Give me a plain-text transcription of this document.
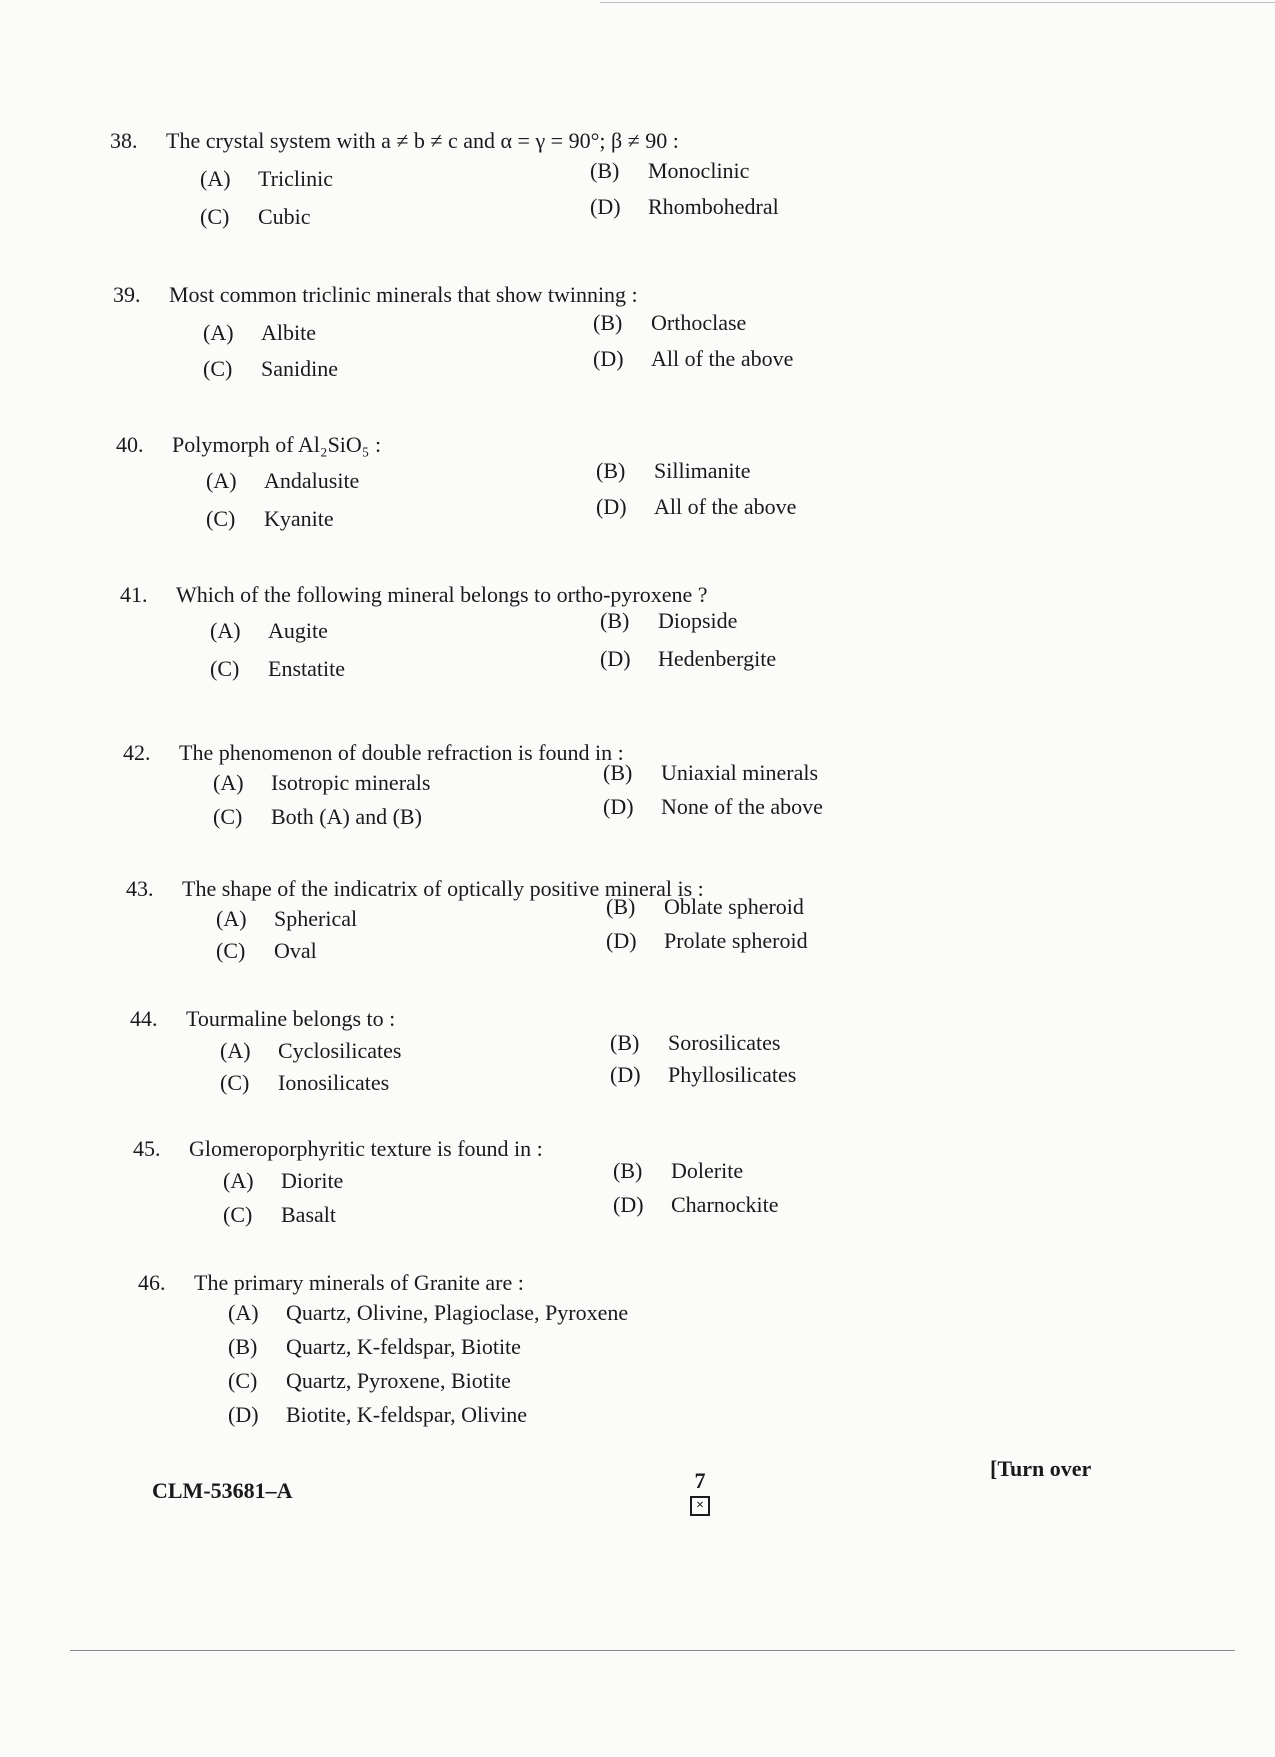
38. The crystal system with a ≠ b ≠ c and α = γ = 90°; β ≠ 90 :
(A) Triclinic	(B) Monoclinic
(C) Cubic	(D) Rhombohedral
39. Most common triclinic minerals that show twinning :
(A) Albite	(B) Orthoclase
(C) Sanidine	(D) All of the above
40. Polymorph of Al₂SiO₅ :
(A) Andalusite	(B) Sillimanite
(C) Kyanite	(D) All of the above
41. Which of the following mineral belongs to ortho-pyroxene ?
(A) Augite	(B) Diopside
(C) Enstatite	(D) Hedenbergite
42. The phenomenon of double refraction is found in :
(A) Isotropic minerals	(B) Uniaxial minerals
(C) Both (A) and (B)	(D) None of the above
43. The shape of the indicatrix of optically positive mineral is :
(A) Spherical	(B) Oblate spheroid
(C) Oval	(D) Prolate spheroid
44. Tourmaline belongs to :
(A) Cyclosilicates	(B) Sorosilicates
(C) Ionosilicates	(D) Phyllosilicates
45. Glomeroporphyritic texture is found in :
(A) Diorite	(B) Dolerite
(C) Basalt	(D) Charnockite
46. The primary minerals of Granite are :
(A) Quartz, Olivine, Plagioclase, Pyroxene
(B) Quartz, K-feldspar, Biotite
(C) Quartz, Pyroxene, Biotite
(D) Biotite, K-feldspar, Olivine
CLM-53681–A	7
×
[Turn over
